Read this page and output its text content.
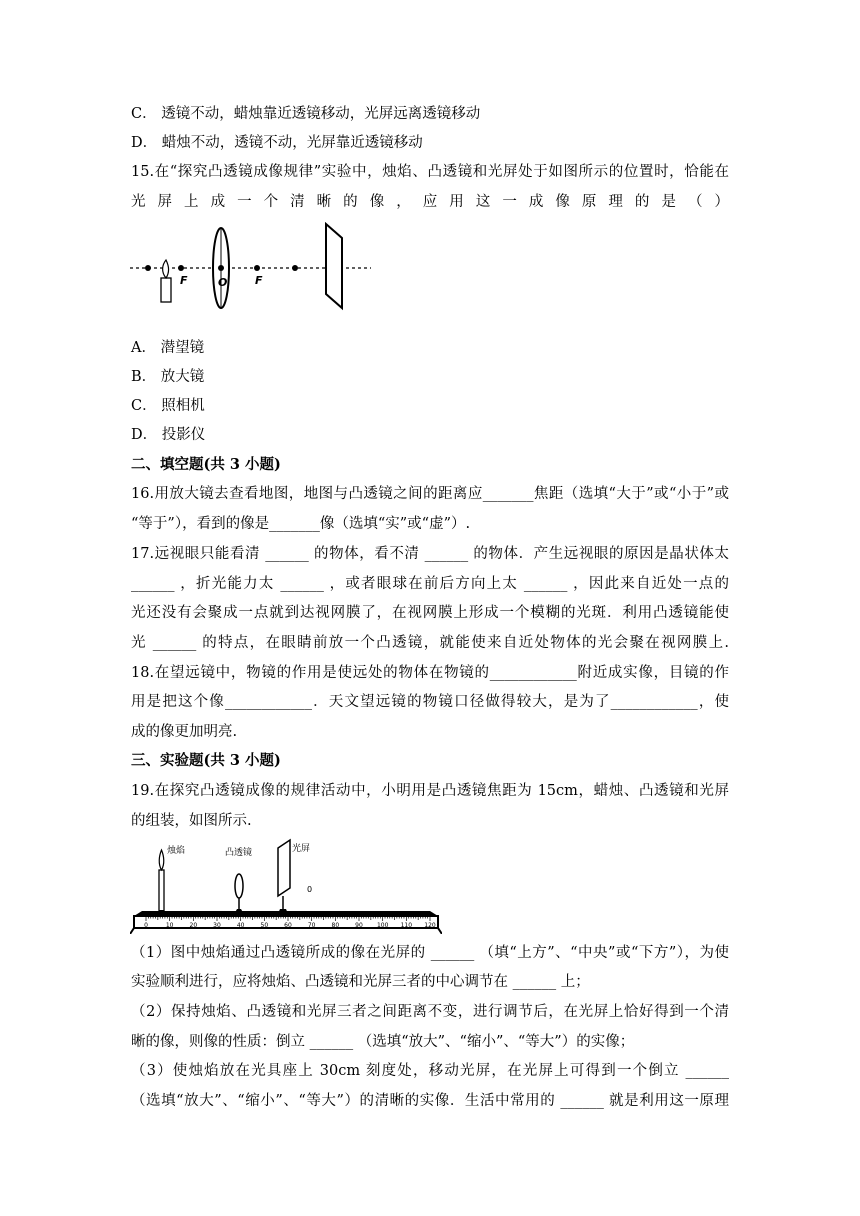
C． 透镜不动，蜡烛靠近透镜移动，光屏远离透镜移动
D． 蜡烛不动，透镜不动，光屏靠近透镜移动
15.在“探究凸透镜成像规律”实验中，烛焰、凸透镜和光屏处于如图所示的位置时，恰能在
光 屏 上 成 一 个 清 晰 的 像 ， 应 用 这 一 成 像 原 理 的 是 （ ）
F	O	F
A． 潜望镜
B． 放大镜
C． 照相机
D． 投影仪
二、填空题(共 3 小题)
16.用放大镜去查看地图，地图与凸透镜之间的距离应_______焦距（选填“大于”或“小于”或
“等于”），看到的像是_______像（选填“实”或“虚”）.
17.远视眼只能看清 ______ 的物体，看不清 ______ 的物体．产生远视眼的原因是晶状体太
______ ，折光能力太 ______ ，或者眼球在前后方向上太 ______ ，因此来自近处一点的
光还没有会聚成一点就到达视网膜了，在视网膜上形成一个模糊的光斑．利用凸透镜能使
光 ______ 的特点，在眼睛前放一个凸透镜，就能使来自近处物体的光会聚在视网膜上.
18.在望远镜中，物镜的作用是使远处的物体在物镜的____________附近成实像，目镜的作
用是把这个像____________．天文望远镜的物镜口径做得较大，是为了____________，使
成的像更加明亮.
三、实验题(共 3 小题)
19.在探究凸透镜成像的规律活动中，小明用是凸透镜焦距为 15cm，蜡烛、凸透镜和光屏
的组装，如图所示.
0
烛焰	凸透镜	光屏
0	10	20	30	40	50	60	70	80	90 100 110 120
（1）图中烛焰通过凸透镜所成的像在光屏的 ______ （填“上方”、“中央”或“下方”），为使
实验顺利进行，应将烛焰、凸透镜和光屏三者的中心调节在 ______ 上；
（2）保持烛焰、凸透镜和光屏三者之间距离不变，进行调节后，在光屏上恰好得到一个清
晰的像，则像的性质：倒立 ______ （选填“放大”、“缩小”、“等大”）的实像；
（3）使烛焰放在光具座上 30cm 刻度处，移动光屏，在光屏上可得到一个倒立 ______
（选填“放大”、“缩小”、“等大”）的清晰的实像．生活中常用的 ______ 就是利用这一原理
